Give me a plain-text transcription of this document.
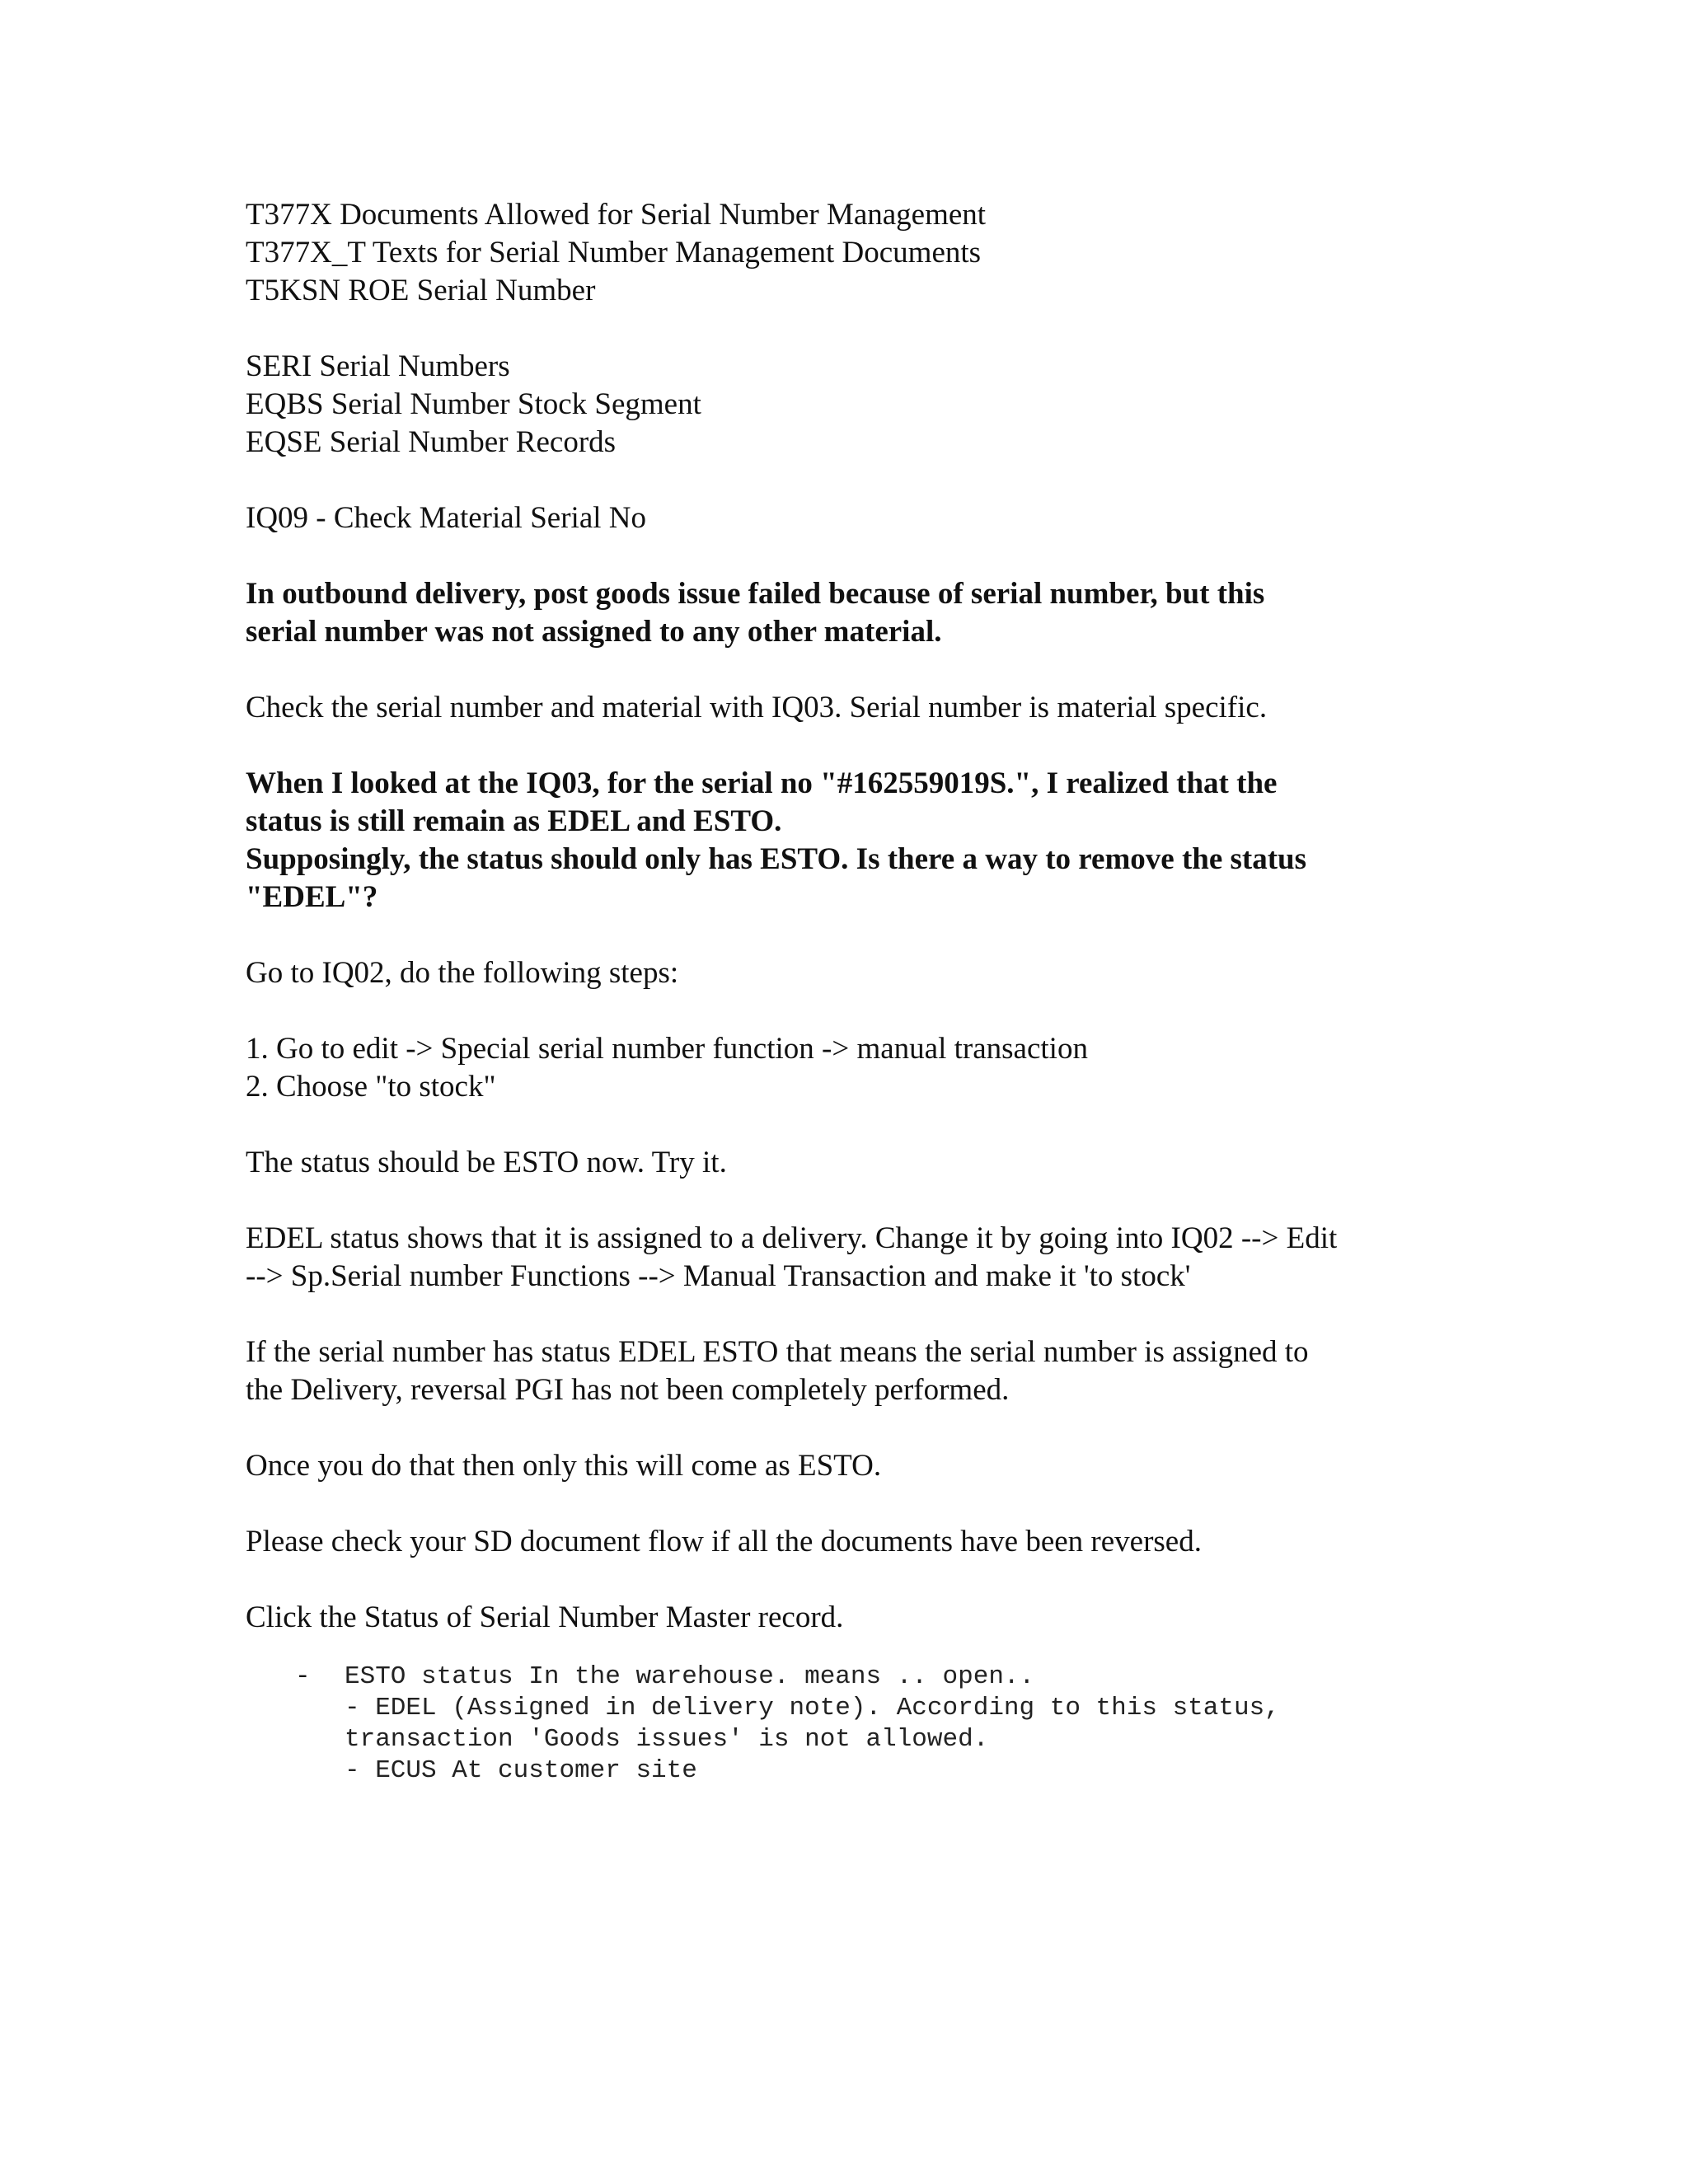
T377X Documents Allowed for Serial Number Management
T377X_T Texts for Serial Number Management Documents
T5KSN ROE Serial Number
SERI Serial Numbers
EQBS Serial Number Stock Segment
EQSE Serial Number Records
IQ09 - Check Material Serial No
In outbound delivery, post goods issue failed because of serial number, but this
serial number was not assigned to any other material.
Check the serial number and material with IQ03. Serial number is material specific.
When I looked at the IQ03, for the serial no "#162559019S.", I realized that the
status is still remain as EDEL and ESTO.
Supposingly, the status should only has ESTO. Is there a way to remove the status
"EDEL"?
Go to IQ02, do the following steps:
1. Go to edit -> Special serial number function -> manual transaction
2. Choose "to stock"
The status should be ESTO now. Try it.
EDEL status shows that it is assigned to a delivery. Change it by going into IQ02 --> Edit
--> Sp.Serial number Functions --> Manual Transaction and make it 'to stock'
If the serial number has status EDEL ESTO that means the serial number is assigned to
the Delivery, reversal PGI has not been completely performed.
Once you do that then only this will come as ESTO.
Please check your SD document flow if all the documents have been reversed.
Click the Status of Serial Number Master record.
-	ESTO status In the warehouse. means .. open..
- EDEL (Assigned in delivery note). According to this status,
transaction 'Goods issues' is not allowed.
- ECUS At customer site
